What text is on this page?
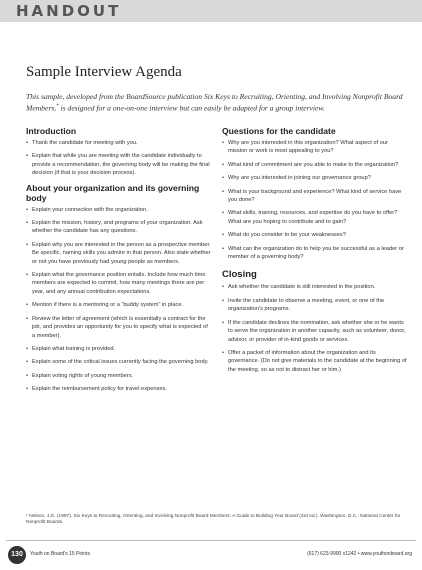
HANDOUT
Sample Interview Agenda
This sample, developed from the BoardSource publication Six Keys to Recruiting, Orienting, and Involving Nonprofit Board Members,* is designed for a one-on-one interview but can easily be adapted for a group interview.
Introduction
• Thank the candidate for meeting with you.
• Explain that while you are meeting with the candidate individually to provide a recommendation, the governing body will be making the final decision (if that is your decision process).
About your organization and its governing body
• Explain your connection with the organization.
• Explain the mission, history, and programs of your organization. Ask whether the candidate has any questions.
• Explain why you are interested in the person as a prospective member. Be specific, naming skills you admire in that person. Also state whether or not you have previously had young people as members.
• Explain what the governance position entails. Include how much time members are expected to commit, how many meetings there are per year, and any annual contribution expectations.
• Mention if there is a mentoring or a “buddy system” in place.
• Review the letter of agreement (which is essentially a contract for the job, and provides an opportunity for you to specify what is expected of a member).
• Explain what training is provided.
• Explain some of the critical issues currently facing the governing body.
• Explain voting rights of young members.
• Explain the reimbursement policy for travel expenses.
Questions for the candidate
• Why are you interested in this organization? What aspect of our mission or work is most appealing to you?
• What kind of commitment are you able to make to the organization?
• Why are you interested in joining our governance group?
• What is your background and experience? What kind of service have you done?
• What skills, training, resources, and expertise do you have to offer? What are you hoping to contribute and to gain?
• What do you consider to be your weaknesses?
• What can the organization do to help you be successful as a leader or member of a governing body?
Closing
• Ask whether the candidate is still interested in the position.
• Invite the candidate to observe a meeting, event, or one of the organization's programs.
• If the candidate declines the nomination, ask whether she or he wants to serve the organization in another capacity, such as volunteer, donor, advisor, or provider of in-kind goods or services.
• Offer a packet of information about the organization and its governance. (Do not give materials to the candidate at the beginning of the meeting, so as not to distract her or him.)
* Nelson, J.G. (1997). Six Keys to Recruiting, Orienting, and Involving Nonprofit Board Members: A Guide to Building Your Board (3rd ed.). Washington, D.C.: National Center for Nonprofit Boards.
130	Youth on Board's 15 Points	(617) 623-9900 x1242 • www.youthonboard.org
